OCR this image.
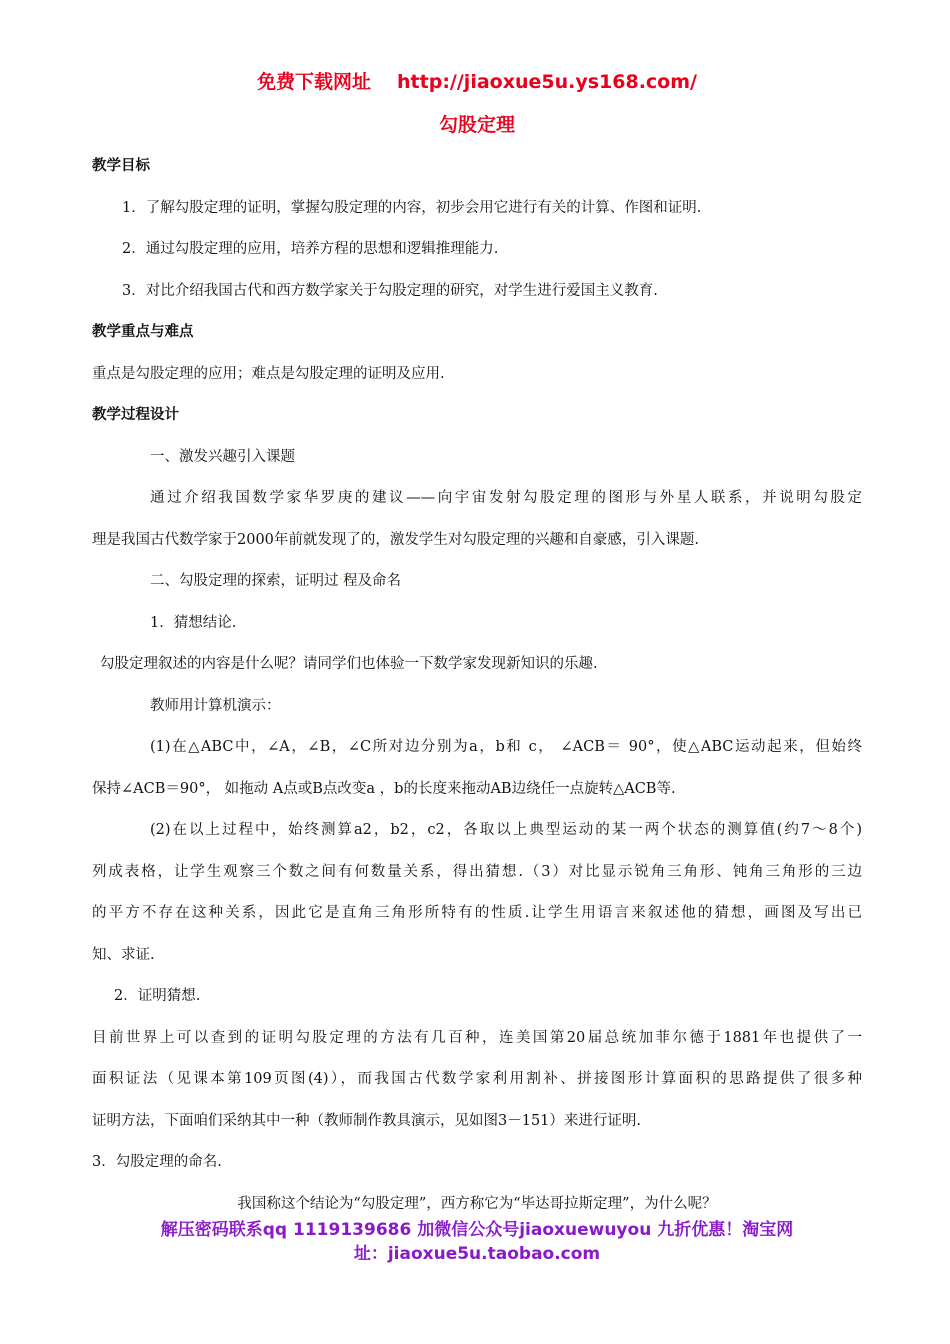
免费下载网址 http://jiaoxue5u.ys168.com/
勾股定理
教学目标
1．了解勾股定理的证明，掌握勾股定理的内容，初步会用它进行有关的计算、作图和证明.
2．通过勾股定理的应用，培养方程的思想和逻辑推理能力.
3．对比介绍我国古代和西方数学家关于勾股定理的研究，对学生进行爱国主义教育.
教学重点与难点
重点是勾股定理的应用；难点是勾股定理的证明及应用.
教学过程设计
一、激发兴趣引入课题
通过介绍我国数学家华罗庚的建议——向宇宙发射勾股定理的图形与外星人联系，并说明勾股定
理是我国古代数学家于2000年前就发现了的，激发学生对勾股定理的兴趣和自豪感，引入课题.
二、勾股定理的探索，证明过˙程及命名
1．猜想结论.
勾股定理叙述的内容是什么呢？请同学们也体验一下数学家发现新知识的乐趣.
教师用计算机演示：
(1)在△ABC中，∠A，∠B，∠C所对边分别为a，b和 c， ∠ACB＝ 90°，使△ABC运动起来，但始终
保持∠ACB＝90°， 如拖动 A点或B点改变a ，b的长度来拖动AB边绕任一点旋转△ACB等.
(2)在以上过程中，始终测算a2，b2，c2，各取以上典型运动的某一两个状态的测算值(约7～8个)
列成表格，让学生观察三个数之间有何数量关系，得出猜想.（3）对比显示锐角三角形、钝角三角形的三边
的平方不存在这种关系，因此它是直角三角形所特有的性质.让学生用语言来叙述他的猜想，画图及写出已
知、求证.
2．证明猜想.
目前世界上可以查到的证明勾股定理的方法有几百种，连美国第20届总统加菲尔德于1881年也提供了一
面积证法（见课本第109页图(4)），而我国古代数学家利用割补、拼接图形计算面积的思路提供了很多种
证明方法，下面咱们采纳其中一种（教师制作教具演示，见如图3－151）来进行证明.
3．勾股定理的命名.
我国称这个结论为“勾股定理”，西方称它为“毕达哥拉斯定理”，为什么呢？
解压密码联系qq 1119139686 加微信公众号jiaoxuewuyou 九折优惠！淘宝网
址：jiaoxue5u.taobao.com
